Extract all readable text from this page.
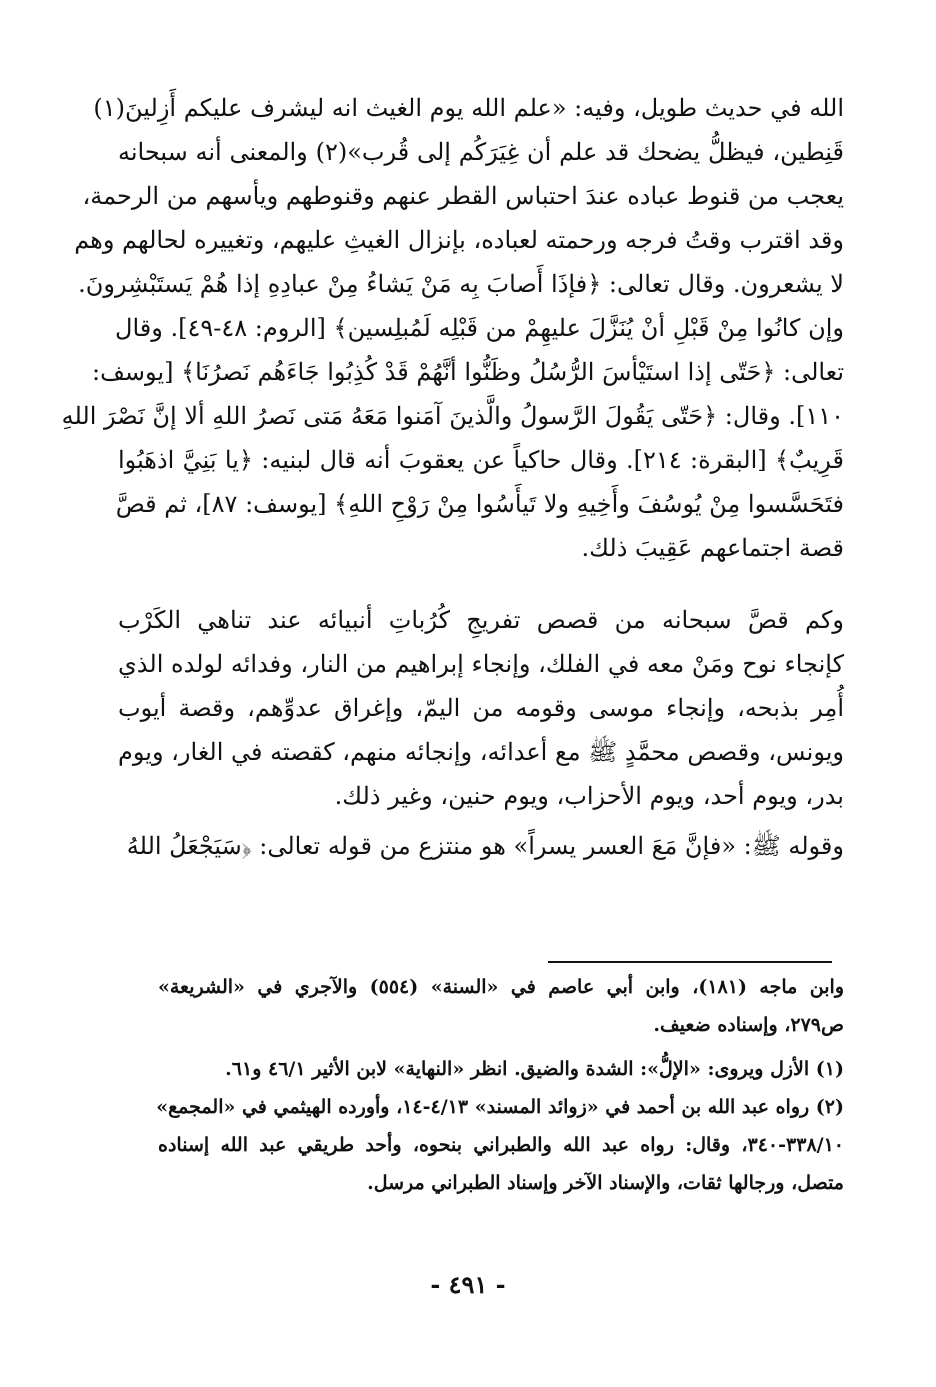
الله في حديث طويل، وفيه: «علم الله يوم الغيث انه ليشرف عليكم أَزِلينَ(١)
قَنِطين، فيظلُّ يضحك قد علم أن غِيَرَكُم إلى قُرب»(٢) والمعنى أنه سبحانه
يعجب من قنوط عباده عندَ احتباس القطر عنهم وقنوطهم ويأسهم من الرحمة،
وقد اقترب وقتُ فرجه ورحمته لعباده، بإنزال الغيثِ عليهم، وتغييره لحالهم وهم
لا يشعرون. وقال تعالى: ﴿فإذَا أَصابَ بِه مَنْ يَشاءُ مِنْ عبادِهِ إذا هُمْ يَستَبْشِرونَ.
وإن كانُوا مِنْ قَبْلِ أنْ يُنَزَّلَ عليهِمْ من قَبْلِه لَمُبلِسين﴾ [الروم: ٤٨-٤٩]. وقال
تعالى: ﴿حَتّى إذا استَيْأسَ الرُّسُلُ وظَنُّوا أنَّهُمْ قَدْ كُذِبُوا جَاءَهُم نَصرُنَا﴾ [يوسف:
١١٠]. وقال: ﴿حَتّى يَقُولَ الرَّسولُ والَّذينَ آمَنوا مَعَهُ مَتى نَصرُ اللهِ ألا إنَّ نَصْرَ اللهِ
قَرِيبٌ﴾ [البقرة: ٢١٤]. وقال حاكياً عن يعقوبَ أنه قال لبنيه: ﴿يا بَنِيَّ اذهَبُوا
فتَحَسَّسوا مِنْ يُوسُفَ وأَخِيهِ ولا تَيأَسُوا مِنْ رَوْحِ اللهِ﴾ [يوسف: ٨٧]، ثم قصَّ
قصة اجتماعهم عَقِيبَ ذلك.
وكم قصَّ سبحانه من قصص تفريجِ كُرُباتِ أنبيائه عند تناهي الكَرْب
كإنجاء نوح ومَنْ معه في الفلك، وإنجاء إبراهيم من النار، وفدائه لولده الذي
أُمِر بذبحه، وإنجاء موسى وقومه من اليمّ، وإغراق عدوِّهم، وقصة أيوب
ويونس، وقصص محمَّدٍ ﷺ مع أعدائه، وإنجائه منهم، كقصته في الغار، ويوم
بدر، ويوم أحد، ويوم الأحزاب، ويوم حنين، وغير ذلك.
وقوله ﷺ: «فإنَّ مَعَ العسر يسراً» هو منتزع من قوله تعالى: ﴿سَيَجْعَلُ اللهُ
وابن ماجه (١٨١)، وابن أبي عاصم في «السنة» (٥٥٤) والآجري في «الشريعة»
ص٢٧٩، وإسناده ضعيف.
(١) الأزل ويروى: «الإلُّ»: الشدة والضيق. انظر «النهاية» لابن الأثير ٤٦/١ و٦١.
(٢) رواه عبد الله بن أحمد في «زوائد المسند» ٤/١٣-١٤، وأورده الهيثمي في «المجمع»
٣٣٨/١٠-٣٤٠، وقال: رواه عبد الله والطبراني بنحوه، وأحد طريقي عبد الله إسناده
متصل، ورجالها ثقات، والإسناد الآخر وإسناد الطبراني مرسل.
- ٤٩١ -
